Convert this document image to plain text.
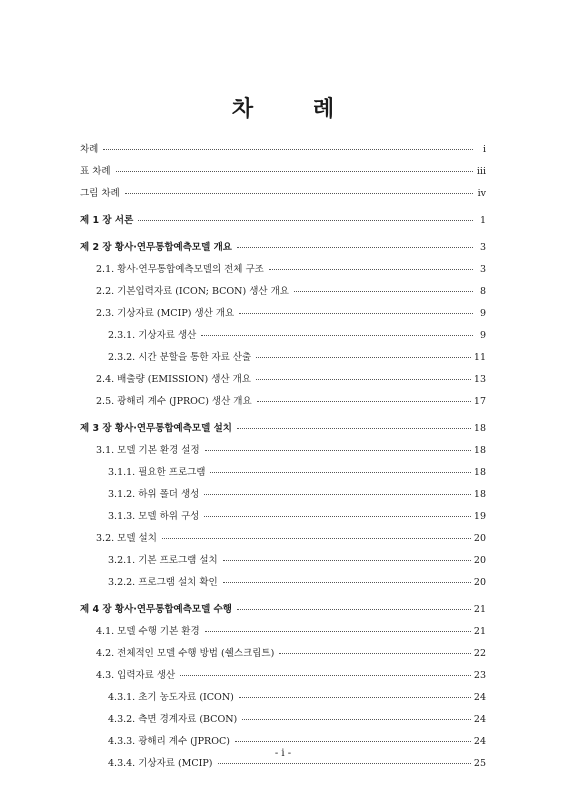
차 례
차례	i
표 차례	iii
그림 차례	iv
제 1 장 서론	1
제 2 장 황사·연무통합예측모델 개요	3
2.1. 황사·연무통합예측모델의 전체 구조	3
2.2. 기본입력자료 (ICON; BCON) 생산 개요	8
2.3. 기상자료 (MCIP) 생산 개요	9
2.3.1. 기상자료 생산	9
2.3.2. 시간 분할을 통한 자료 산출	11
2.4. 배출량 (EMISSION) 생산 개요	13
2.5. 광해리 계수 (JPROC) 생산 개요	17
제 3 장 황사·연무통합예측모델 설치	18
3.1. 모델 기본 환경 설정	18
3.1.1. 필요한 프로그램	18
3.1.2. 하위 폴더 생성	18
3.1.3. 모델 하위 구성	19
3.2. 모델 설치	20
3.2.1. 기본 프로그램 설치	20
3.2.2. 프로그램 설치 확인	20
제 4 장 황사·연무통합예측모델 수행	21
4.1. 모델 수행 기본 환경	21
4.2. 전체적인 모델 수행 방법 (쉘스크립트)	22
4.3. 입력자료 생산	23
4.3.1. 초기 농도자료 (ICON)	24
4.3.2. 측면 경계자료 (BCON)	24
4.3.3. 광해리 계수 (JPROC)	24
4.3.4. 기상자료 (MCIP)	25
- i -
